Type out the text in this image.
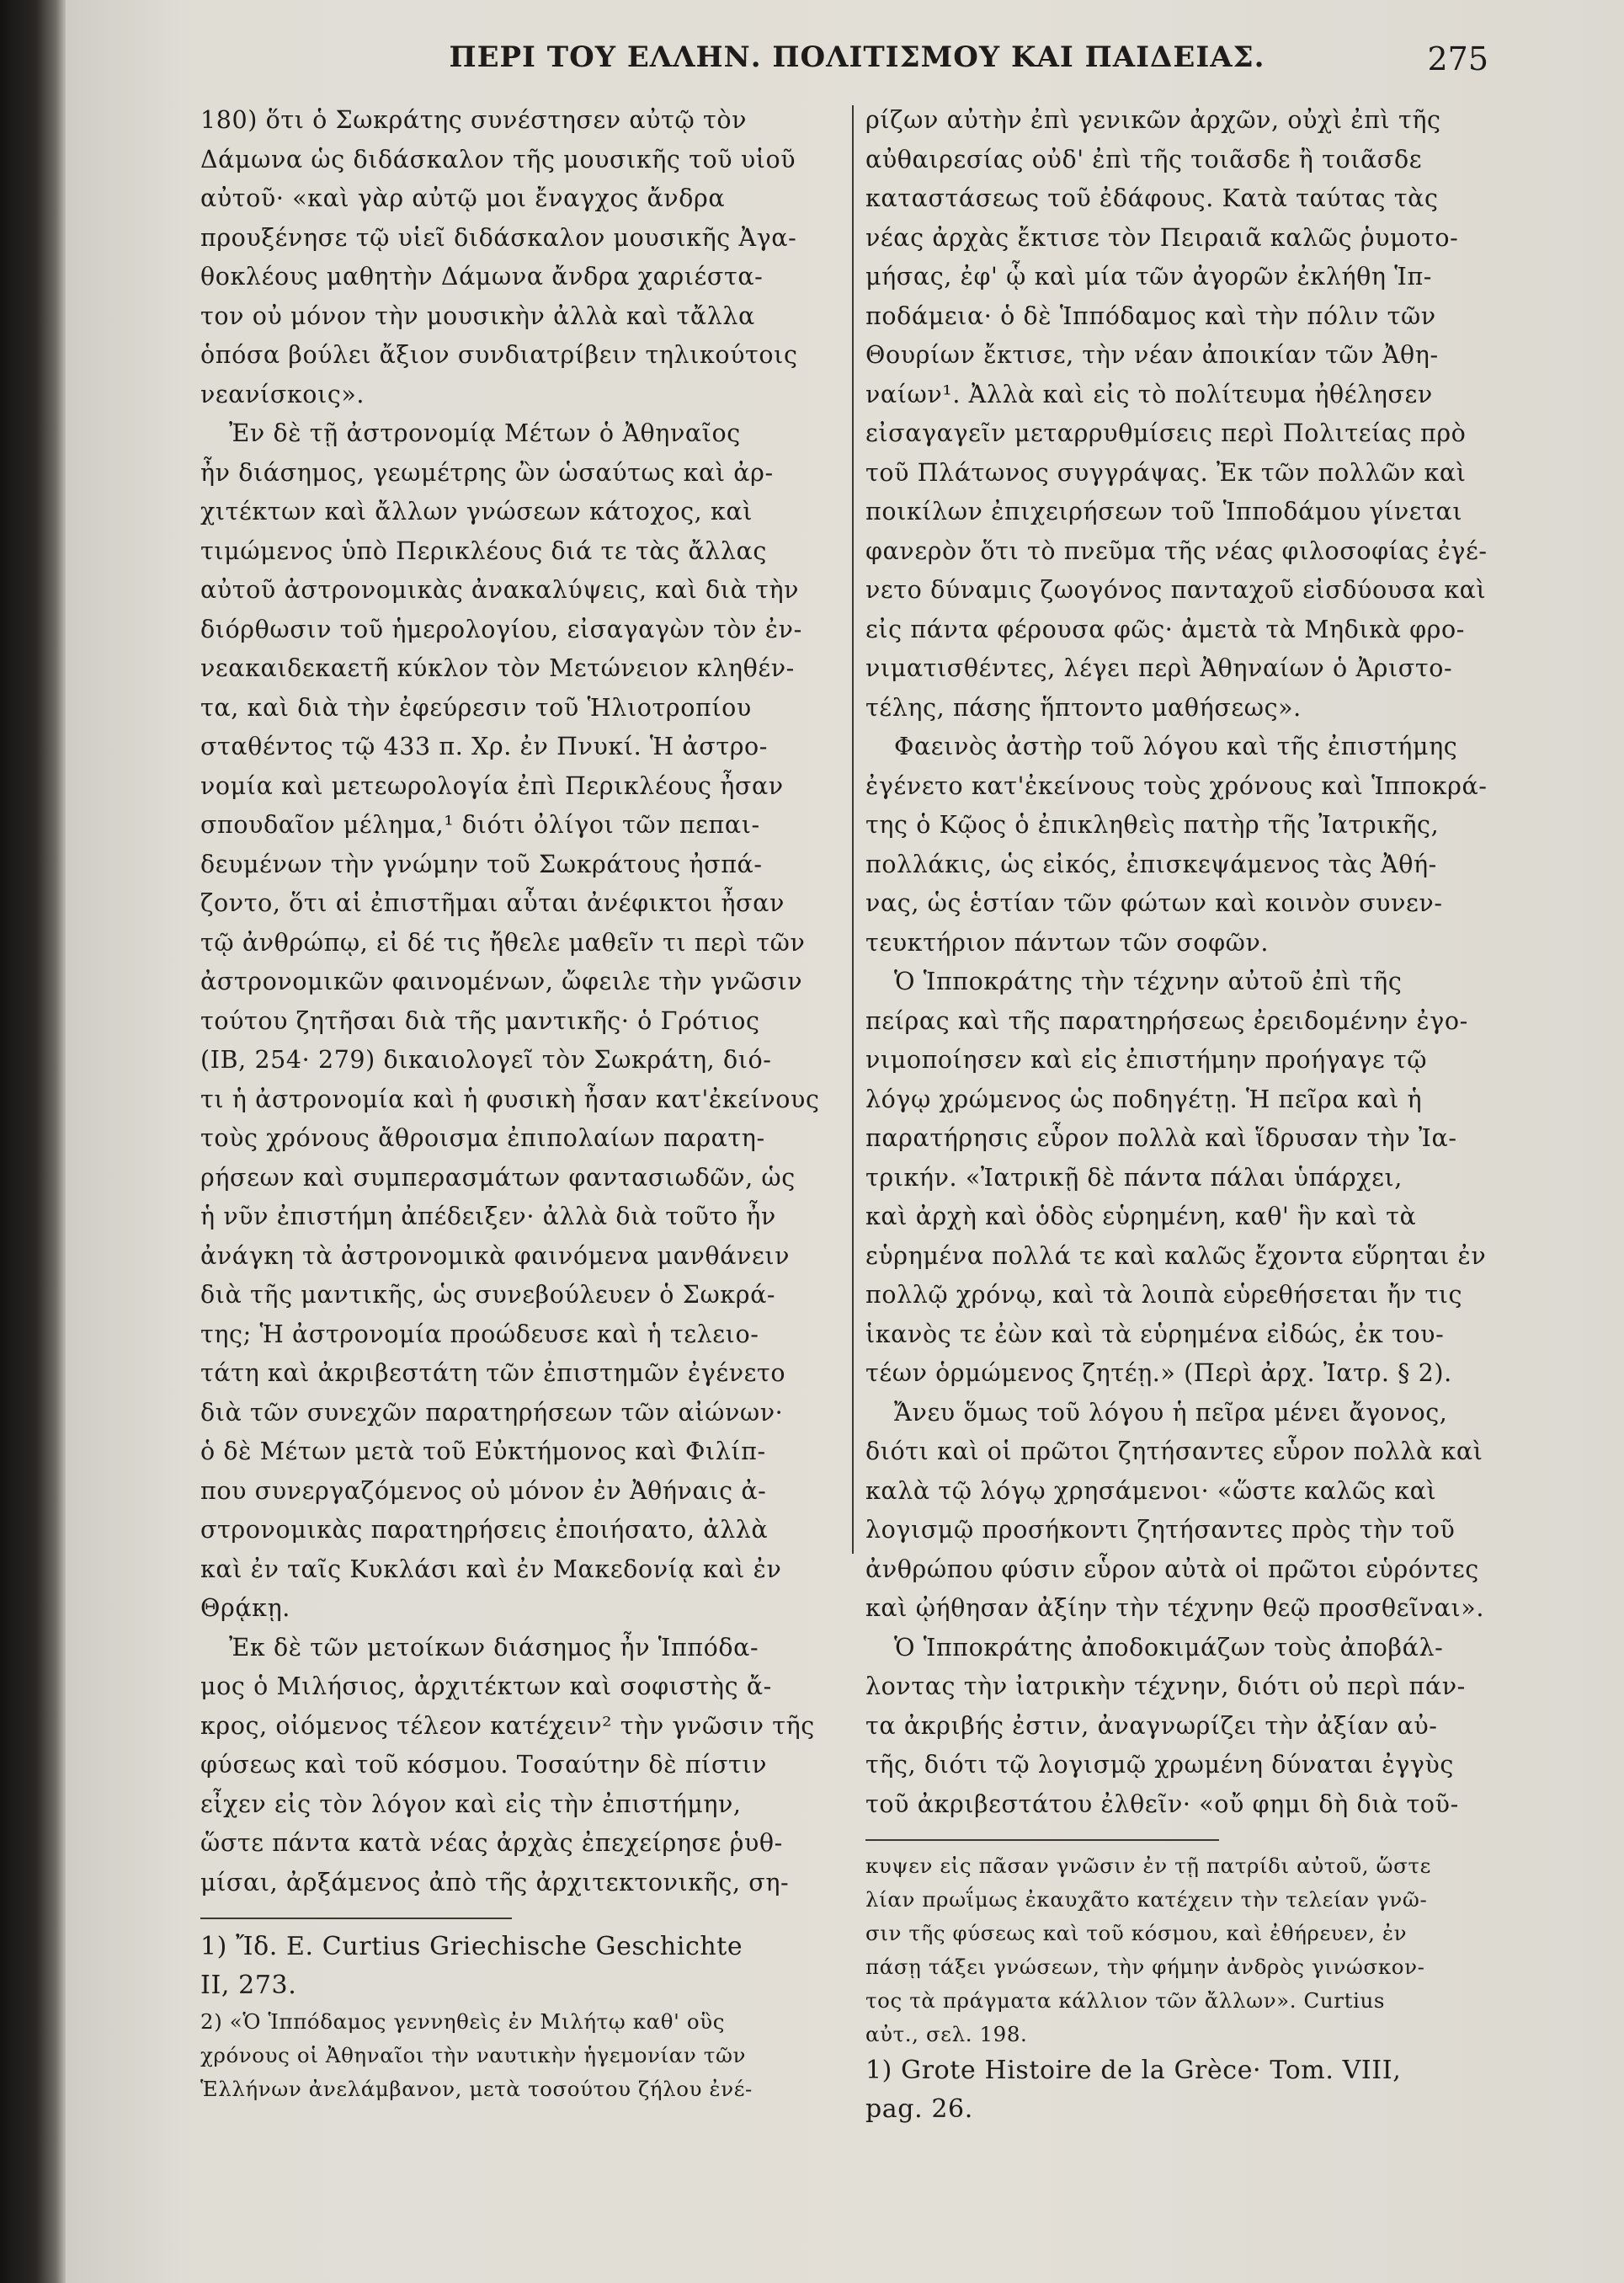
ΠΕΡΙ ΤΟΥ ΕΛΛΗΝ. ΠΟΛΙΤΙΣΜΟΥ ΚΑΙ ΠΑΙΔΕΙΑΣ.	275
180) ὅτι ὁ Σωκράτης συνέστησεν αὐτῷ τὸν
Δάμωνα ὡς διδάσκαλον τῆς μουσικῆς τοῦ υἱοῦ
αὐτοῦ· «καὶ γὰρ αὐτῷ μοι ἔναγχος ἄνδρα
προυξένησε τῷ υἱεῖ διδάσκαλον μουσικῆς Ἀγα-
θοκλέους μαθητὴν Δάμωνα ἄνδρα χαριέστα-
τον οὐ μόνον τὴν μουσικὴν ἀλλὰ καὶ τἄλλα
ὁπόσα βούλει ἄξιον συνδιατρίβειν τηλικούτοις
νεανίσκοις».
Ἐν δὲ τῇ ἀστρονομίᾳ Μέτων ὁ Ἀθηναῖος
ἦν διάσημος, γεωμέτρης ὢν ὡσαύτως καὶ ἀρ-
χιτέκτων καὶ ἄλλων γνώσεων κάτοχος, καὶ
τιμώμενος ὑπὸ Περικλέους διά τε τὰς ἄλλας
αὐτοῦ ἀστρονομικὰς ἀνακαλύψεις, καὶ διὰ τὴν
διόρθωσιν τοῦ ἡμερολογίου, εἰσαγαγὼν τὸν ἐν-
νεακαιδεκαετῆ κύκλον τὸν Μετώνειον κληθέν-
τα, καὶ διὰ τὴν ἐφεύρεσιν τοῦ Ἡλιοτροπίου
σταθέντος τῷ 433 π. Χρ. ἐν Πνυκί. Ἡ ἀστρο-
νομία καὶ μετεωρολογία ἐπὶ Περικλέους ἦσαν
σπουδαῖον μέλημα,¹ διότι ὀλίγοι τῶν πεπαι-
δευμένων τὴν γνώμην τοῦ Σωκράτους ἠσπά-
ζοντο, ὅτι αἱ ἐπιστῆμαι αὗται ἀνέφικτοι ἦσαν
τῷ ἀνθρώπῳ, εἰ δέ τις ἤθελε μαθεῖν τι περὶ τῶν
ἀστρονομικῶν φαινομένων, ὤφειλε τὴν γνῶσιν
τούτου ζητῆσαι διὰ τῆς μαντικῆς· ὁ Γρότιος
(IB, 254· 279) δικαιολογεῖ τὸν Σωκράτη, διό-
τι ἡ ἀστρονομία καὶ ἡ φυσικὴ ἦσαν κατ'ἐκείνους
τοὺς χρόνους ἄθροισμα ἐπιπολαίων παρατη-
ρήσεων καὶ συμπερασμάτων φαντασιωδῶν, ὡς
ἡ νῦν ἐπιστήμη ἀπέδειξεν· ἀλλὰ διὰ τοῦτο ἦν
ἀνάγκη τὰ ἀστρονομικὰ φαινόμενα μανθάνειν
διὰ τῆς μαντικῆς, ὡς συνεβούλευεν ὁ Σωκρά-
της; Ἡ ἀστρονομία προώδευσε καὶ ἡ τελειο-
τάτη καὶ ἀκριβεστάτη τῶν ἐπιστημῶν ἐγένετο
διὰ τῶν συνεχῶν παρατηρήσεων τῶν αἰώνων·
ὁ δὲ Μέτων μετὰ τοῦ Εὐκτήμονος καὶ Φιλίπ-
που συνεργαζόμενος οὐ μόνον ἐν Ἀθήναις ἀ-
στρονομικὰς παρατηρήσεις ἐποιήσατο, ἀλλὰ
καὶ ἐν ταῖς Κυκλάσι καὶ ἐν Μακεδονίᾳ καὶ ἐν
Θρᾴκῃ.
Ἐκ δὲ τῶν μετοίκων διάσημος ἦν Ἱππόδα-
μος ὁ Μιλήσιος, ἀρχιτέκτων καὶ σοφιστὴς ἄ-
κρος, οἰόμενος τέλεον κατέχειν² τὴν γνῶσιν τῆς
φύσεως καὶ τοῦ κόσμου. Τοσαύτην δὲ πίστιν
εἶχεν εἰς τὸν λόγον καὶ εἰς τὴν ἐπιστήμην,
ὥστε πάντα κατὰ νέας ἀρχὰς ἐπεχείρησε ῥυθ-
μίσαι, ἀρξάμενος ἀπὸ τῆς ἀρχιτεκτονικῆς, ση-
1) Ἴδ. E. Curtius Griechische Geschichte
II, 273.
2) «Ὁ Ἱππόδαμος γεννηθεὶς ἐν Μιλήτῳ καθ' οὓς
χρόνους οἱ Ἀθηναῖοι τὴν ναυτικὴν ἡγεμονίαν τῶν
Ἑλλήνων ἀνελάμβανον, μετὰ τοσούτου ζήλου ἐνέ-
ρίζων αὐτὴν ἐπὶ γενικῶν ἀρχῶν, οὐχὶ ἐπὶ τῆς
αὐθαιρεσίας οὐδ' ἐπὶ τῆς τοιᾶσδε ἢ τοιᾶσδε
καταστάσεως τοῦ ἐδάφους. Κατὰ ταύτας τὰς
νέας ἀρχὰς ἔκτισε τὸν Πειραιᾶ καλῶς ῥυμοτο-
μήσας, ἐφ' ᾧ καὶ μία τῶν ἀγορῶν ἐκλήθη Ἱπ-
ποδάμεια· ὁ δὲ Ἱππόδαμος καὶ τὴν πόλιν τῶν
Θουρίων ἔκτισε, τὴν νέαν ἀποικίαν τῶν Ἀθη-
ναίων¹. Ἀλλὰ καὶ εἰς τὸ πολίτευμα ἠθέλησεν
εἰσαγαγεῖν μεταρρυθμίσεις περὶ Πολιτείας πρὸ
τοῦ Πλάτωνος συγγράψας. Ἐκ τῶν πολλῶν καὶ
ποικίλων ἐπιχειρήσεων τοῦ Ἱπποδάμου γίνεται
φανερὸν ὅτι τὸ πνεῦμα τῆς νέας φιλοσοφίας ἐγέ-
νετο δύναμις ζωογόνος πανταχοῦ εἰσδύουσα καὶ
εἰς πάντα φέρουσα φῶς· ἀμετὰ τὰ Μηδικὰ φρο-
νιματισθέντες, λέγει περὶ Ἀθηναίων ὁ Ἀριστο-
τέλης, πάσης ἥπτοντο μαθήσεως».
Φαεινὸς ἀστὴρ τοῦ λόγου καὶ τῆς ἐπιστήμης
ἐγένετο κατ'ἐκείνους τοὺς χρόνους καὶ Ἱπποκρά-
της ὁ Κῷος ὁ ἐπικληθεὶς πατὴρ τῆς Ἰατρικῆς,
πολλάκις, ὡς εἰκός, ἐπισκεψάμενος τὰς Ἀθή-
νας, ὡς ἑστίαν τῶν φώτων καὶ κοινὸν συνεν-
τευκτήριον πάντων τῶν σοφῶν.
Ὁ Ἱπποκράτης τὴν τέχνην αὐτοῦ ἐπὶ τῆς
πείρας καὶ τῆς παρατηρήσεως ἐρειδομένην ἐγο-
νιμοποίησεν καὶ εἰς ἐπιστήμην προήγαγε τῷ
λόγῳ χρώμενος ὡς ποδηγέτῃ. Ἡ πεῖρα καὶ ἡ
παρατήρησις εὗρον πολλὰ καὶ ἵδρυσαν τὴν Ἰα-
τρικήν. «Ἰατρικῇ δὲ πάντα πάλαι ὑπάρχει,
καὶ ἀρχὴ καὶ ὁδὸς εὑρημένη, καθ' ἣν καὶ τὰ
εὑρημένα πολλά τε καὶ καλῶς ἔχοντα εὕρηται ἐν
πολλῷ χρόνῳ, καὶ τὰ λοιπὰ εὑρεθήσεται ἤν τις
ἱκανὸς τε ἐὼν καὶ τὰ εὑρημένα εἰδώς, ἐκ του-
τέων ὁρμώμενος ζητέῃ.» (Περὶ ἀρχ. Ἰατρ. § 2).
Ἄνευ ὅμως τοῦ λόγου ἡ πεῖρα μένει ἄγονος,
διότι καὶ οἱ πρῶτοι ζητήσαντες εὗρον πολλὰ καὶ
καλὰ τῷ λόγῳ χρησάμενοι· «ὥστε καλῶς καὶ
λογισμῷ προσήκοντι ζητήσαντες πρὸς τὴν τοῦ
ἀνθρώπου φύσιν εὗρον αὐτὰ οἱ πρῶτοι εὑρόντες
καὶ ᾠήθησαν ἀξίην τὴν τέχνην θεῷ προσθεῖναι».
Ὁ Ἱπποκράτης ἀποδοκιμάζων τοὺς ἀποβάλ-
λοντας τὴν ἰατρικὴν τέχνην, διότι οὐ περὶ πάν-
τα ἀκριβής ἐστιν, ἀναγνωρίζει τὴν ἀξίαν αὐ-
τῆς, διότι τῷ λογισμῷ χρωμένη δύναται ἐγγὺς
τοῦ ἀκριβεστάτου ἐλθεῖν· «οὔ φημι δὴ διὰ τοῦ-
κυψεν εἰς πᾶσαν γνῶσιν ἐν τῇ πατρίδι αὐτοῦ, ὥστε
λίαν πρωΐμως ἐκαυχᾶτο κατέχειν τὴν τελείαν γνῶ-
σιν τῆς φύσεως καὶ τοῦ κόσμου, καὶ ἐθήρευεν, ἐν
πάσῃ τάξει γνώσεων, τὴν φήμην ἀνδρὸς γινώσκον-
τος τὰ πράγματα κάλλιον τῶν ἄλλων». Curtius
αὐτ., σελ. 198.
1) Grote Histoire de la Grèce· Tom. VIII,
pag. 26.
